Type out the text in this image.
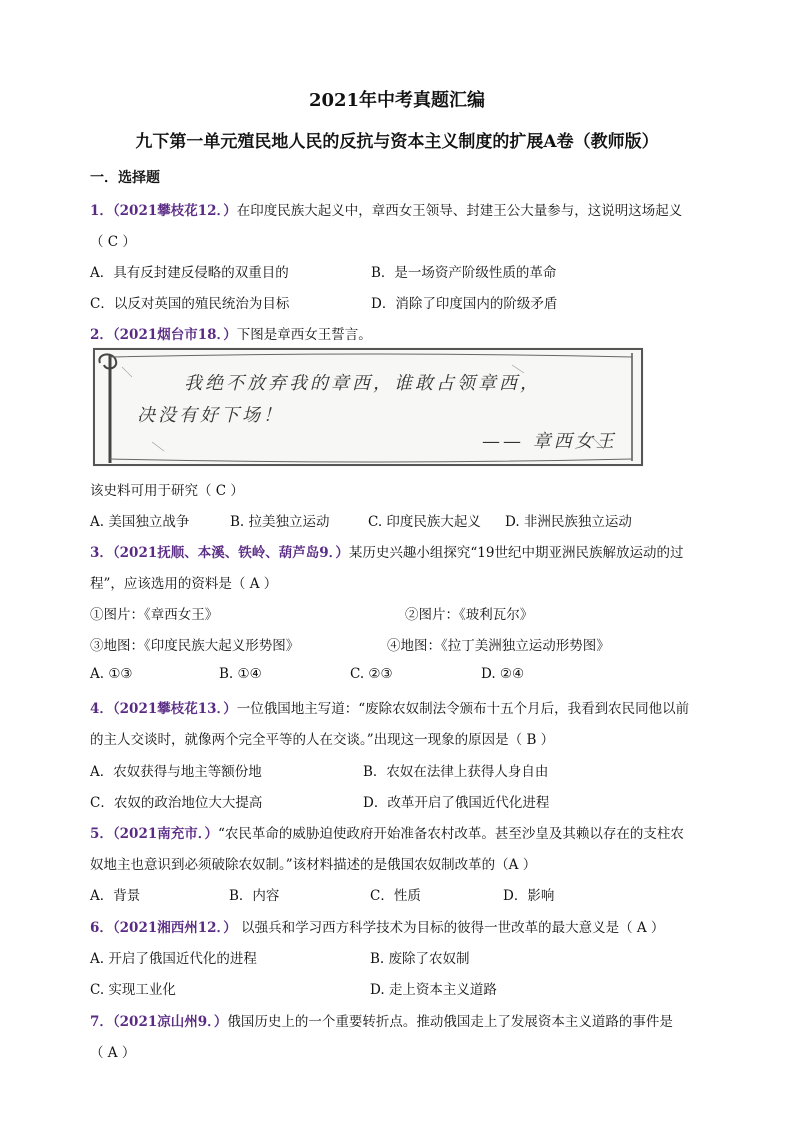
2021年中考真题汇编
九下第一单元殖民地人民的反抗与资本主义制度的扩展A卷（教师版）
一．选择题
1．（2021攀枝花12．）在印度民族大起义中，章西女王领导、封建王公大量参与，这说明这场起义
（ C ）
A．具有反封建反侵略的双重目的	B．是一场资产阶级性质的革命
C．以反对英国的殖民统治为目标	D．消除了印度国内的阶级矛盾
2．（2021烟台市18．）下图是章西女王誓言。
我绝不放弃我的章西，谁敢占领章西，
决没有好下场！
—— 章西女王
该史料可用于研究（ C ）
A. 美国独立战争	B. 拉美独立运动	C. 印度民族大起义 D. 非洲民族独立运动
3．（2021抚顺、本溪、铁岭、葫芦岛9．）某历史兴趣小组探究“19世纪中期亚洲民族解放运动的过
程”，应该选用的资料是（ A ）
①图片：《章西女王》	②图片：《玻利瓦尔》
③地图：《印度民族大起义形势图》	④地图：《拉丁美洲独立运动形势图》
A. ①③	B. ①④	C. ②③	D. ②④
4．（2021攀枝花13．）一位俄国地主写道：“废除农奴制法令颁布十五个月后，我看到农民同他以前
的主人交谈时，就像两个完全平等的人在交谈。”出现这一现象的原因是（ B ）
A．农奴获得与地主等额份地	B．农奴在法律上获得人身自由
C．农奴的政治地位大大提高	D．改革开启了俄国近代化进程
5．（2021南充市．）“农民革命的威胁迫使政府开始准备农村改革。甚至沙皇及其赖以存在的支柱农
奴地主也意识到必须破除农奴制。”该材料描述的是俄国农奴制改革的（A ）
A．背景	B．内容	C．性质	D．影响
6．（2021湘西州12．） 以强兵和学习西方科学技术为目标的彼得一世改革的最大意义是（ A ）
A. 开启了俄国近代化的进程	B. 废除了农奴制
C. 实现工业化	D. 走上资本主义道路
7．（2021凉山州9．）俄国历史上的一个重要转折点。推动俄国走上了发展资本主义道路的事件是
（ A ）
